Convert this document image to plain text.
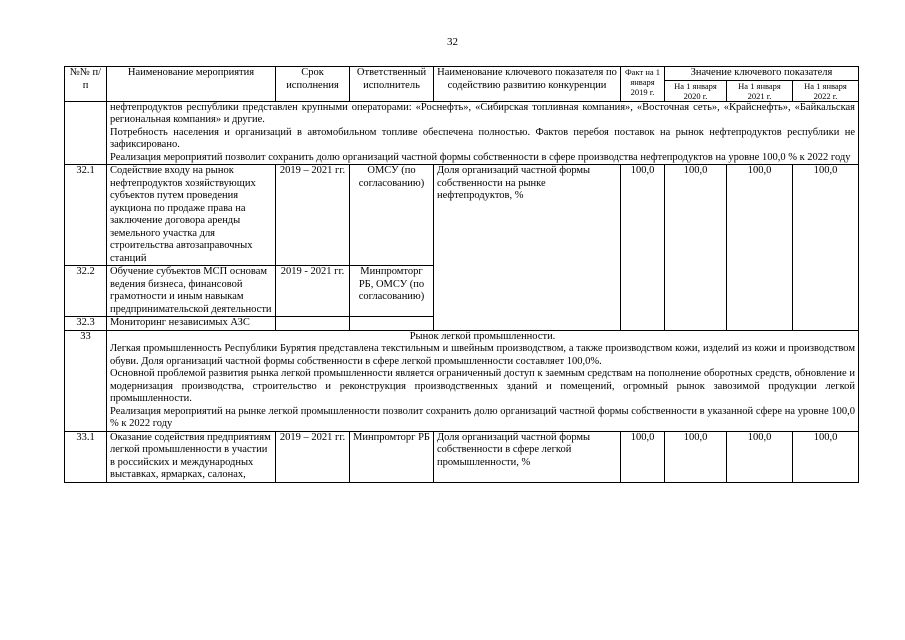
32
№№ п/п	Наименование мероприятия	Срок исполнения	Ответственный исполнитель	Наименование ключевого показателя по содействию развитию конкуренции	Факт на 1 января 2019 г.	Значение ключевого показателя		
						На 1 января 2020 г.	На 1 января 2021 г.	На 1 января 2022 г.

	нефтепродуктов республики представлен крупными операторами: «Роснефть», «Сибирская топливная компания», «Восточная сеть», «Крайснефть», «Байкальская региональная компания» и другие.

Потребность населения и организаций в автомобильном топливе обеспечена полностью. Фактов перебоя поставок на рынок нефтепродуктов республики не зафиксировано.

Реализация мероприятий позволит сохранить долю организаций частной формы собственности в сфере производства нефтепродуктов на уровне 100,0 % к 2022 году							

32.1	Содействие входу на рынок нефтепродуктов хозяйствующих субъектов путем проведения аукциона по продаже права на заключение договора аренды земельного участка для строительства автозаправочных станций	2019 – 2021 гг.	ОМСУ (по согласованию)	Доля организаций частной формы собственности на рынке нефтепродуктов, %	100,0	100,0	100,0	100,0
32.2	Обучение субъектов МСП основам ведения бизнеса, финансовой грамотности и иным навыкам предпринимательской деятельности	2019 - 2021 гг.	Минпромторг РБ, ОМСУ (по согласованию)					
32.3	Мониторинг независимых АЗС							
33	Рынок легкой промышленности.

Легкая промышленность Республики Бурятия представлена текстильным и швейным производством, а также производством кожи, изделий из кожи и производством обуви. Доля организаций частной формы собственности в сфере легкой промышленности составляет 100,0%.

Основной проблемой развития рынка легкой промышленности является ограниченный доступ к заемным средствам на пополнение оборотных средств, обновление и модернизация производства, строительство и реконструкция производственных зданий и помещений, огромный рынок завозимой продукции легкой промышленности.

Реализация мероприятий на рынке легкой промышленности позволит сохранить долю организаций частной формы собственности в указанной сфере на уровне 100,0 % к 2022 году							

33.1	Оказание содействия предприятиям легкой промышленности в участии в российских и международных выставках, ярмарках, салонах,	2019 – 2021 гг.	Минпромторг РБ	Доля организаций частной формы собственности в сфере легкой промышленности, %	100,0	100,0	100,0	100,0
